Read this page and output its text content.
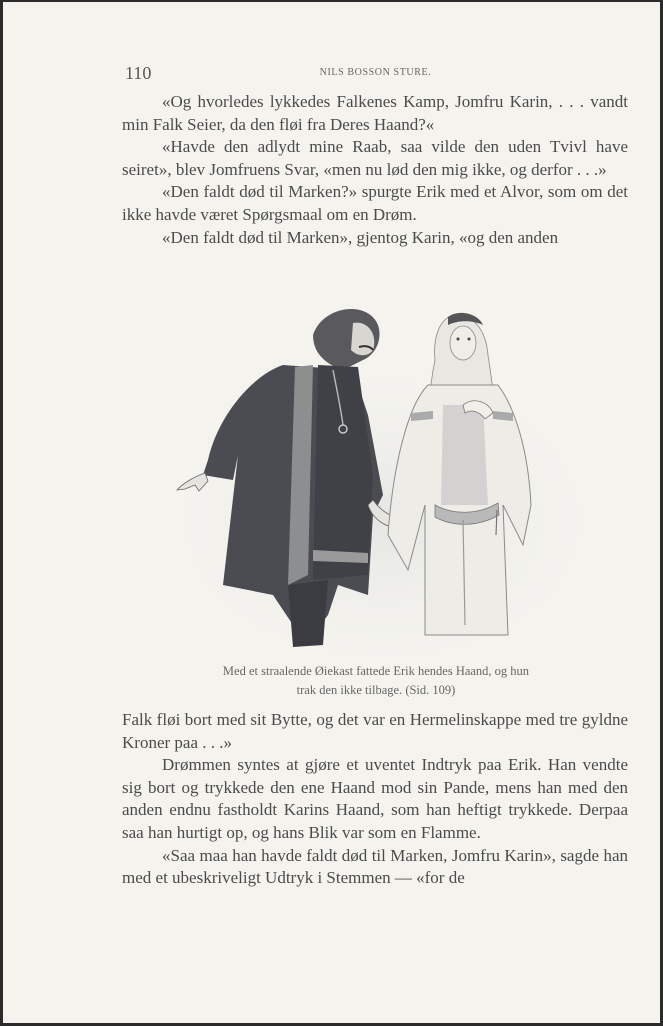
110	NILS BOSSON STURE.

«Og hvorledes lykkedes Falkenes Kamp, Jomfru Karin, . . . vandt min Falk Seier, da den fløi fra Deres Haand?«

«Havde den adlydt mine Raab, saa vilde den uden Tvivl have seiret», blev Jomfruens Svar, «men nu lød den mig ikke, og derfor . . .»

«Den faldt død til Marken?» spurgte Erik med et Alvor, som om det ikke havde været Spørgsmaal om en Drøm.

«Den faldt død til Marken», gjentog Karin, «og den anden

Med et straalende Øiekast fattede Erik hendes Haand, og hun
trak den ikke tilbage. (Sid. 109)

Falk fløi bort med sit Bytte, og det var en Hermelinskappe med tre gyldne Kroner paa . . .»

Drømmen syntes at gjøre et uventet Indtryk paa Erik. Han vendte sig bort og trykkede den ene Haand mod sin Pande, mens han med den anden endnu fastholdt Karins Haand, som han heftigt trykkede. Derpaa saa han hurtigt op, og hans Blik var som en Flamme.

«Saa maa han havde faldt død til Marken, Jomfru Karin», sagde han med et ubeskriveligt Udtryk i Stemmen — «for de
